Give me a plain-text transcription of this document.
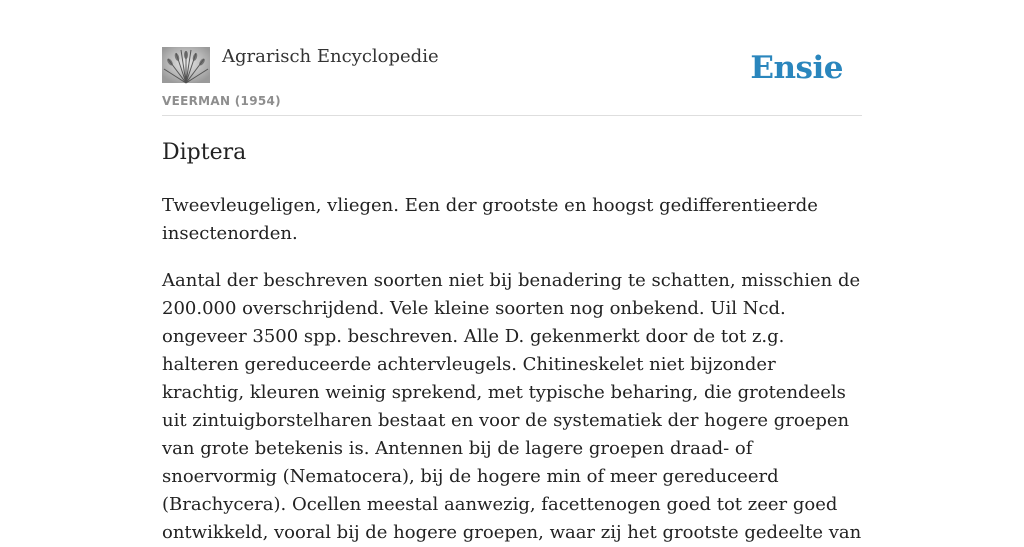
Agrarisch Encyclopedie
VEERMAN (1954)
Ensie
Diptera

Tweevleugeligen, vliegen. Een der grootste en hoogst gedifferentieerde insectenorden.

Aantal der beschreven soorten niet bij benadering te schatten, misschien de 200.000 overschrijdend. Vele kleine soorten nog onbekend. Uil Ncd. ongeveer 3500 spp. beschreven. Alle D. gekenmerkt door de tot z.g. halteren gereduceerde achtervleugels. Chitineskelet niet bijzonder krachtig, kleuren weinig sprekend, met typische beharing, die grotendeels uit zintuigborstelharen bestaat en voor de systematiek der hogere groepen van grote betekenis is. Antennen bij de lagere groepen draad- of snoervormig (Nematocera), bij de hogere min of meer gereduceerd (Brachycera). Ocellen meestal aanwezig, facettenogen goed tot zeer goed ontwikkeld, vooral bij de hogere groepen, waar zij het grootste gedeelte van
